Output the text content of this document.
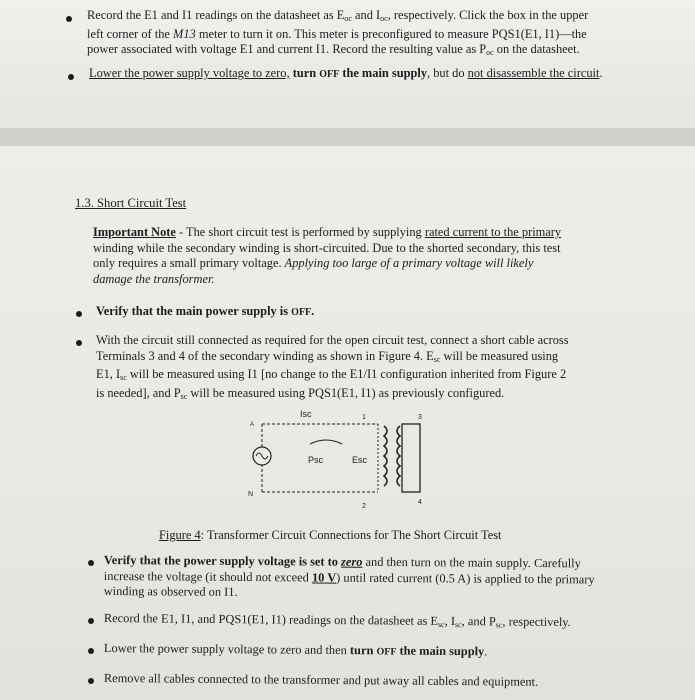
Record the E1 and I1 readings on the datasheet as $E_{oc}$ and $I_{oc}$, respectively. Click the box in the upper
left corner of the M13 meter to turn it on. This meter is preconfigured to measure PQS1(E1, I1)—the
power associated with voltage E1 and current I1. Record the resulting value as $P_{oc}$ on the datasheet.
Lower the power supply voltage to zero, turn OFF the main supply, but do not disassemble the circuit.
1.3. Short Circuit Test
Important Note - The short circuit test is performed by supplying rated current to the primary
winding while the secondary winding is short-circuited. Due to the shorted secondary, this test
only requires a small primary voltage. Applying too large of a primary voltage will likely
damage the transformer.
Verify that the main power supply is OFF.
With the circuit still connected as required for the open circuit test, connect a short cable across
Terminals 3 and 4 of the secondary winding as shown in Figure 4. $E_{sc}$ will be measured using
E1, $I_{sc}$ will be measured using I1 [no change to the E1/I1 configuration inherited from Figure 2
is needed], and $P_{sc}$ will be measured using PQS1(E1, I1) as previously configured.
Isc	1	3
A
Psc	Esc
N
2
4
Figure 4: Transformer Circuit Connections for The Short Circuit Test
Verify that the power supply voltage is set to zero and then turn on the main supply. Carefully
increase the voltage (it should not exceed 10 V) until rated current (0.5 A) is applied to the primary
winding as observed on I1.
Record the E1, I1, and PQS1(E1, I1) readings on the datasheet as $E_{sc}$, $I_{sc}$, and $P_{sc}$, respectively.
Lower the power supply voltage to zero and then turn OFF the main supply.
Remove all cables connected to the transformer and put away all cables and equipment.
